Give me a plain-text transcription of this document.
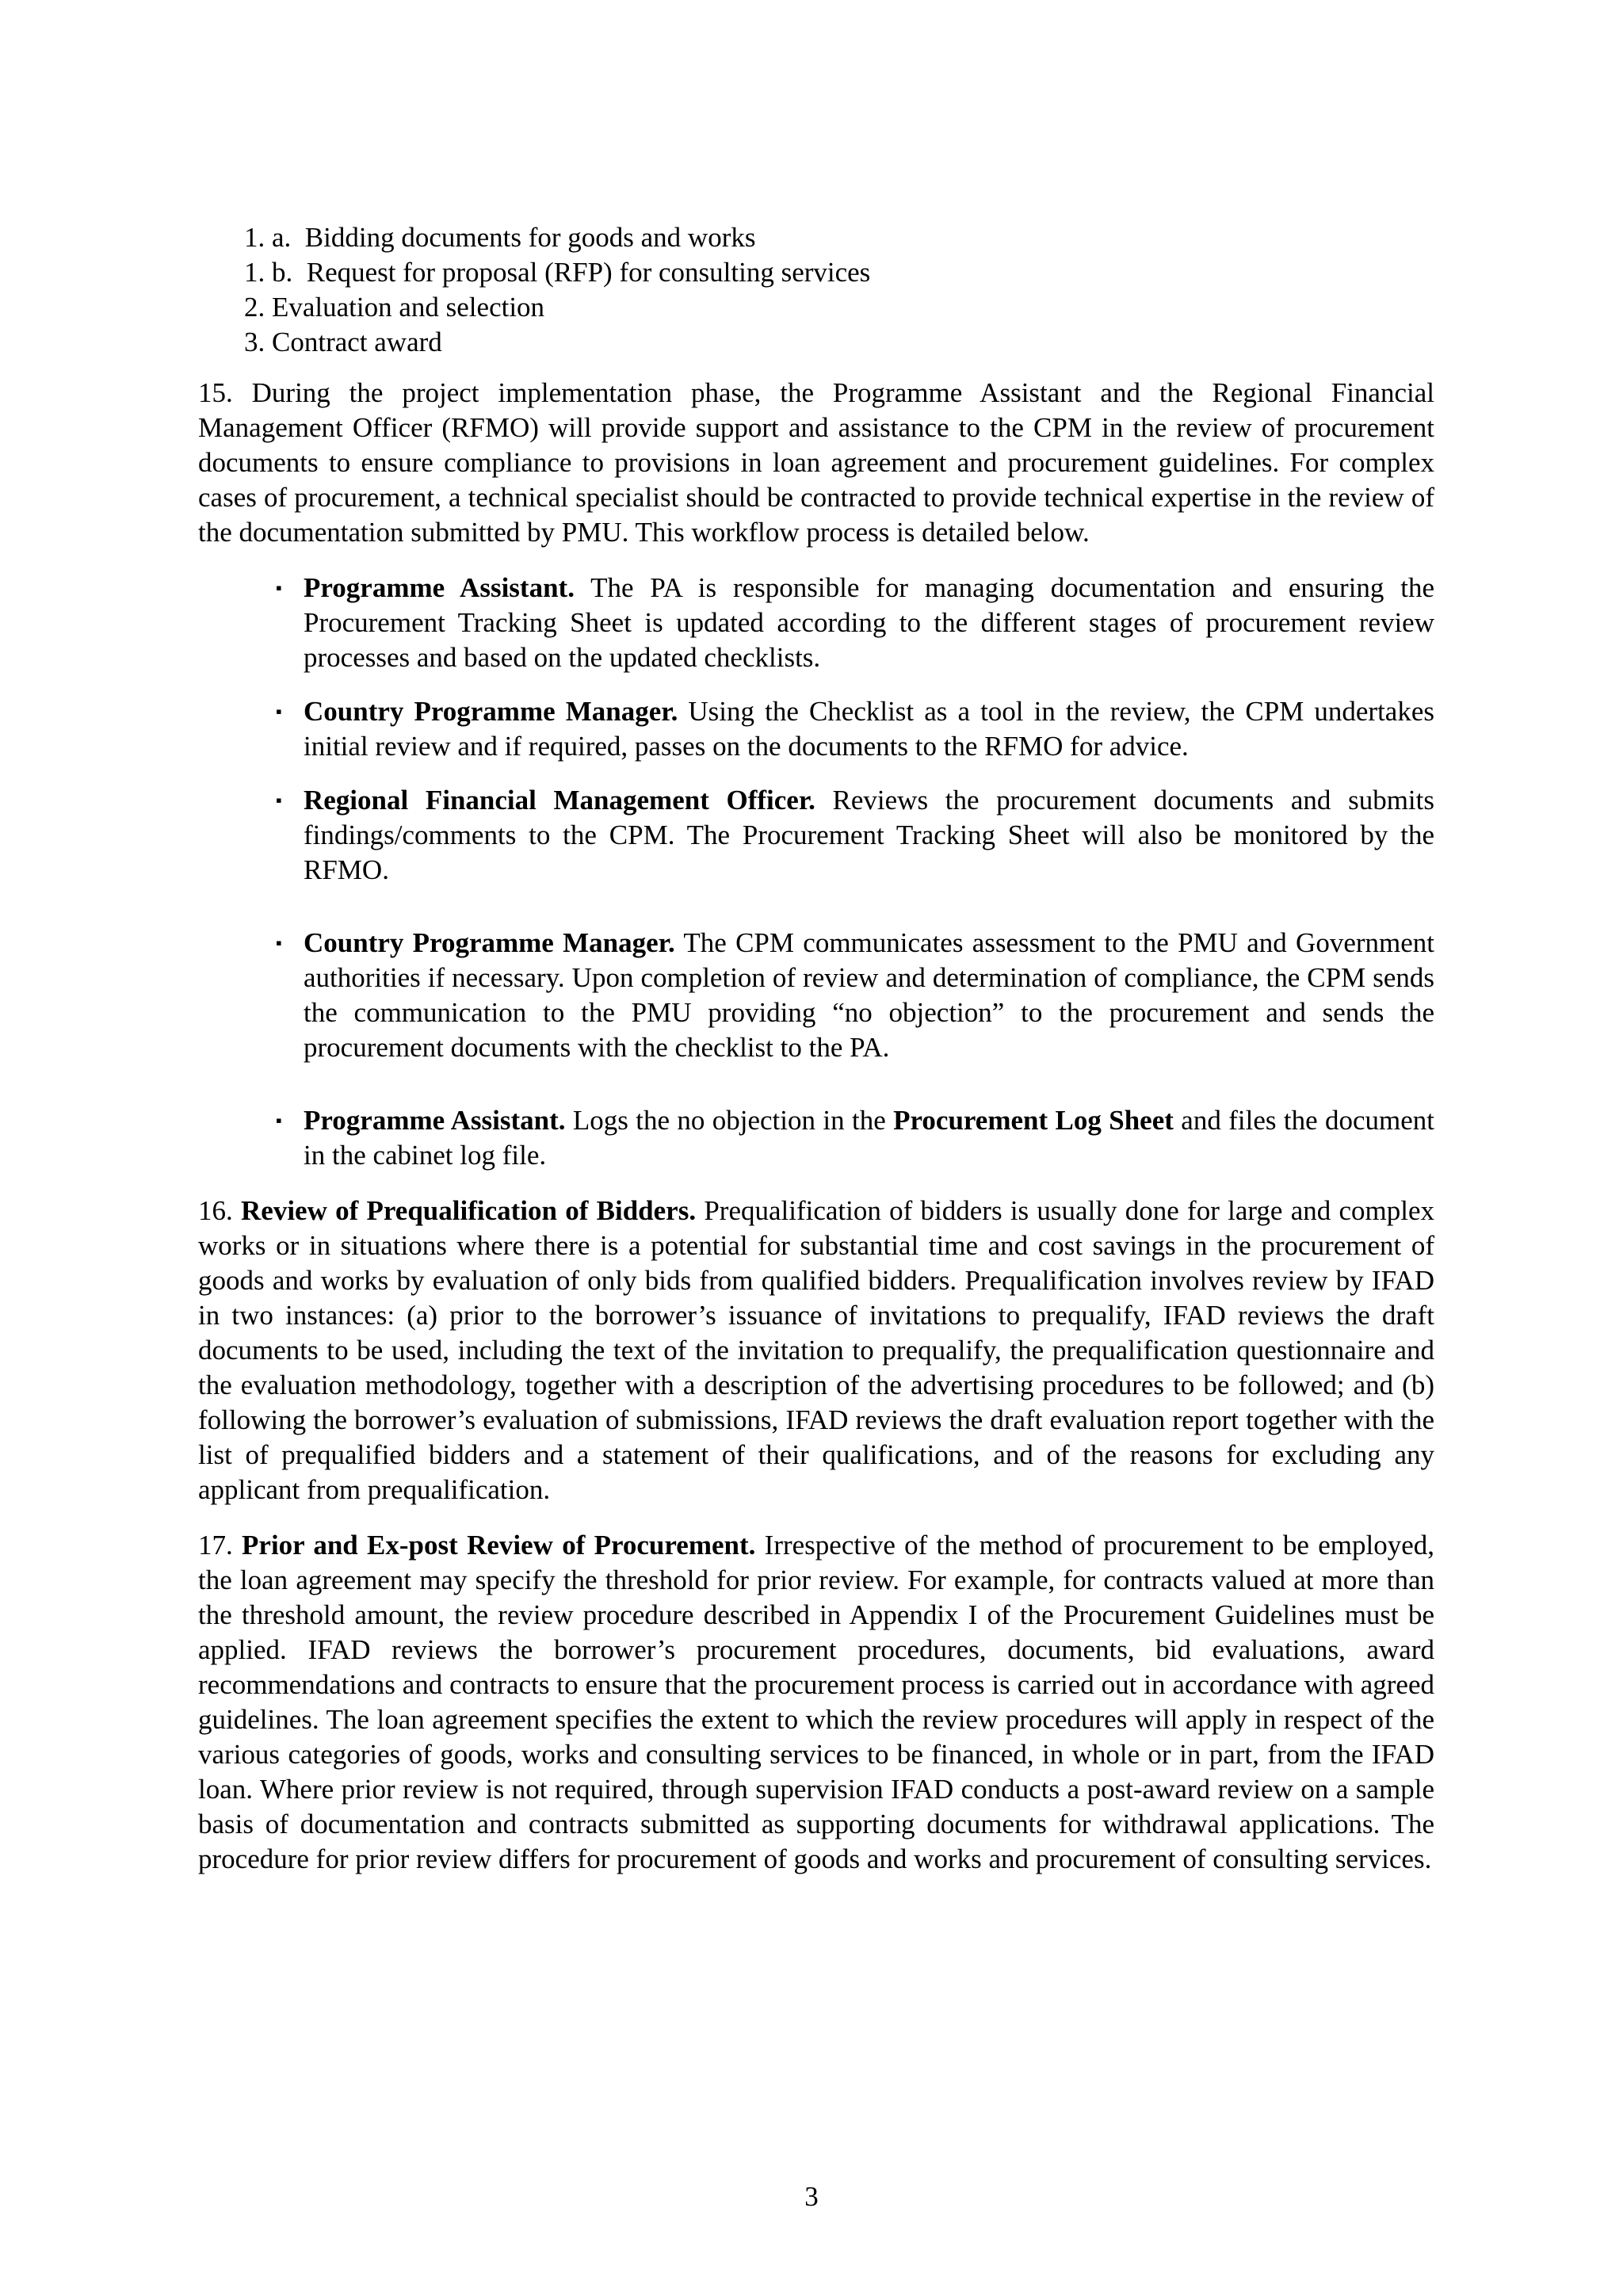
1. a.  Bidding documents for goods and works
1. b.  Request for proposal (RFP) for consulting services
2. Evaluation and selection
3. Contract award

15. During the project implementation phase, the Programme Assistant and the Regional Financial Management Officer (RFMO) will provide support and assistance to the CPM in the review of procurement documents to ensure compliance to provisions in loan agreement and procurement guidelines. For complex cases of procurement, a technical specialist should be contracted to provide technical expertise in the review of the documentation submitted by PMU. This workflow process is detailed below.

▪ Programme Assistant. The PA is responsible for managing documentation and ensuring the Procurement Tracking Sheet is updated according to the different stages of procurement review processes and based on the updated checklists.
▪ Country Programme Manager. Using the Checklist as a tool in the review, the CPM undertakes initial review and if required, passes on the documents to the RFMO for advice.
▪ Regional Financial Management Officer. Reviews the procurement documents and submits findings/comments to the CPM. The Procurement Tracking Sheet will also be monitored by the RFMO.
▪ Country Programme Manager. The CPM communicates assessment to the PMU and Government authorities if necessary. Upon completion of review and determination of compliance, the CPM sends the communication to the PMU providing “no objection” to the procurement and sends the procurement documents with the checklist to the PA.
▪ Programme Assistant. Logs the no objection in the Procurement Log Sheet and files the document in the cabinet log file.

16. Review of Prequalification of Bidders. Prequalification of bidders is usually done for large and complex works or in situations where there is a potential for substantial time and cost savings in the procurement of goods and works by evaluation of only bids from qualified bidders. Prequalification involves review by IFAD in two instances: (a) prior to the borrower’s issuance of invitations to prequalify, IFAD reviews the draft documents to be used, including the text of the invitation to prequalify, the prequalification questionnaire and the evaluation methodology, together with a description of the advertising procedures to be followed; and (b) following the borrower’s evaluation of submissions, IFAD reviews the draft evaluation report together with the list of prequalified bidders and a statement of their qualifications, and of the reasons for excluding any applicant from prequalification.

17. Prior and Ex-post Review of Procurement. Irrespective of the method of procurement to be employed, the loan agreement may specify the threshold for prior review. For example, for contracts valued at more than the threshold amount, the review procedure described in Appendix I of the Procurement Guidelines must be applied. IFAD reviews the borrower’s procurement procedures, documents, bid evaluations, award recommendations and contracts to ensure that the procurement process is carried out in accordance with agreed guidelines. The loan agreement specifies the extent to which the review procedures will apply in respect of the various categories of goods, works and consulting services to be financed, in whole or in part, from the IFAD loan. Where prior review is not required, through supervision IFAD conducts a post-award review on a sample basis of documentation and contracts submitted as supporting documents for withdrawal applications. The procedure for prior review differs for procurement of goods and works and procurement of consulting services.

3
